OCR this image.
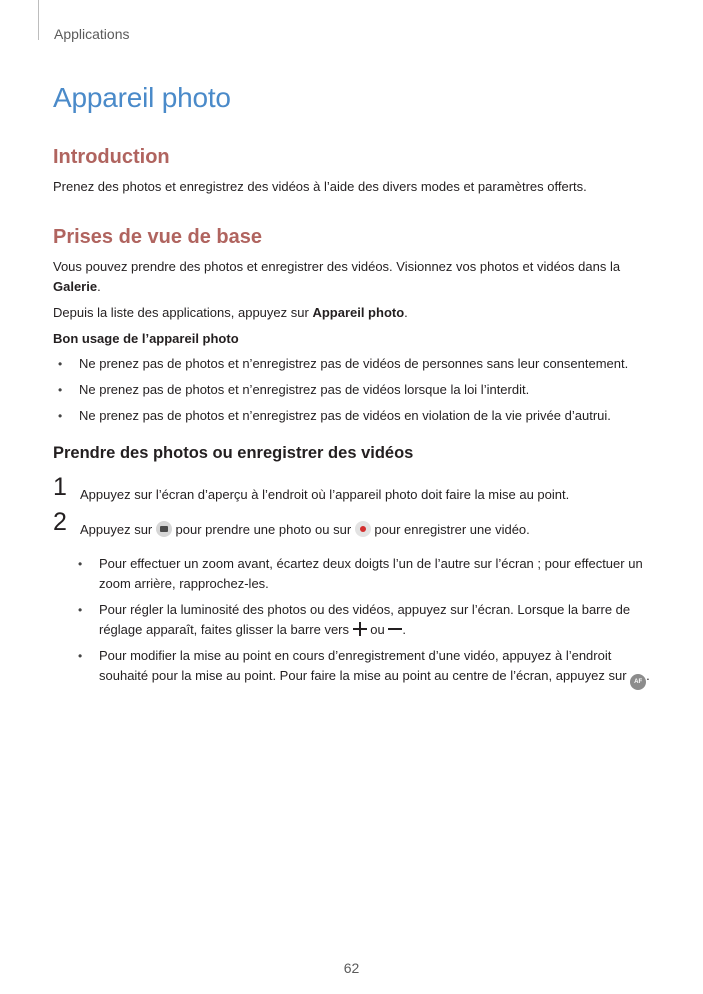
Applications
Appareil photo
Introduction

Prenez des photos et enregistrez des vidéos à l’aide des divers modes et paramètres offerts.

Prises de vue de base

Vous pouvez prendre des photos et enregistrer des vidéos. Visionnez vos photos et vidéos dans la Galerie.

Depuis la liste des applications, appuyez sur Appareil photo.

Bon usage de l’appareil photo

• Ne prenez pas de photos et n’enregistrez pas de vidéos de personnes sans leur consentement.
• Ne prenez pas de photos et n’enregistrez pas de vidéos lorsque la loi l’interdit.
• Ne prenez pas de photos et n’enregistrez pas de vidéos en violation de la vie privée d’autrui.
Prendre des photos ou enregistrer des vidéos
1 Appuyez sur l’écran d’aperçu à l’endroit où l’appareil photo doit faire la mise au point.
2 Appuyez sur pour prendre une photo ou sur pour enregistrer une vidéo.
• Pour effectuer un zoom avant, écartez deux doigts l’un de l’autre sur l’écran ; pour effectuer un zoom arrière, rapprochez-les.
• Pour régler la luminosité des photos ou des vidéos, appuyez sur l’écran. Lorsque la barre de réglage apparaît, faites glisser la barre vers ou .
• Pour modifier la mise au point en cours d’enregistrement d’une vidéo, appuyez à l’endroit souhaité pour la mise au point. Pour faire la mise au point au centre de l’écran, appuyez sur AF .
62
